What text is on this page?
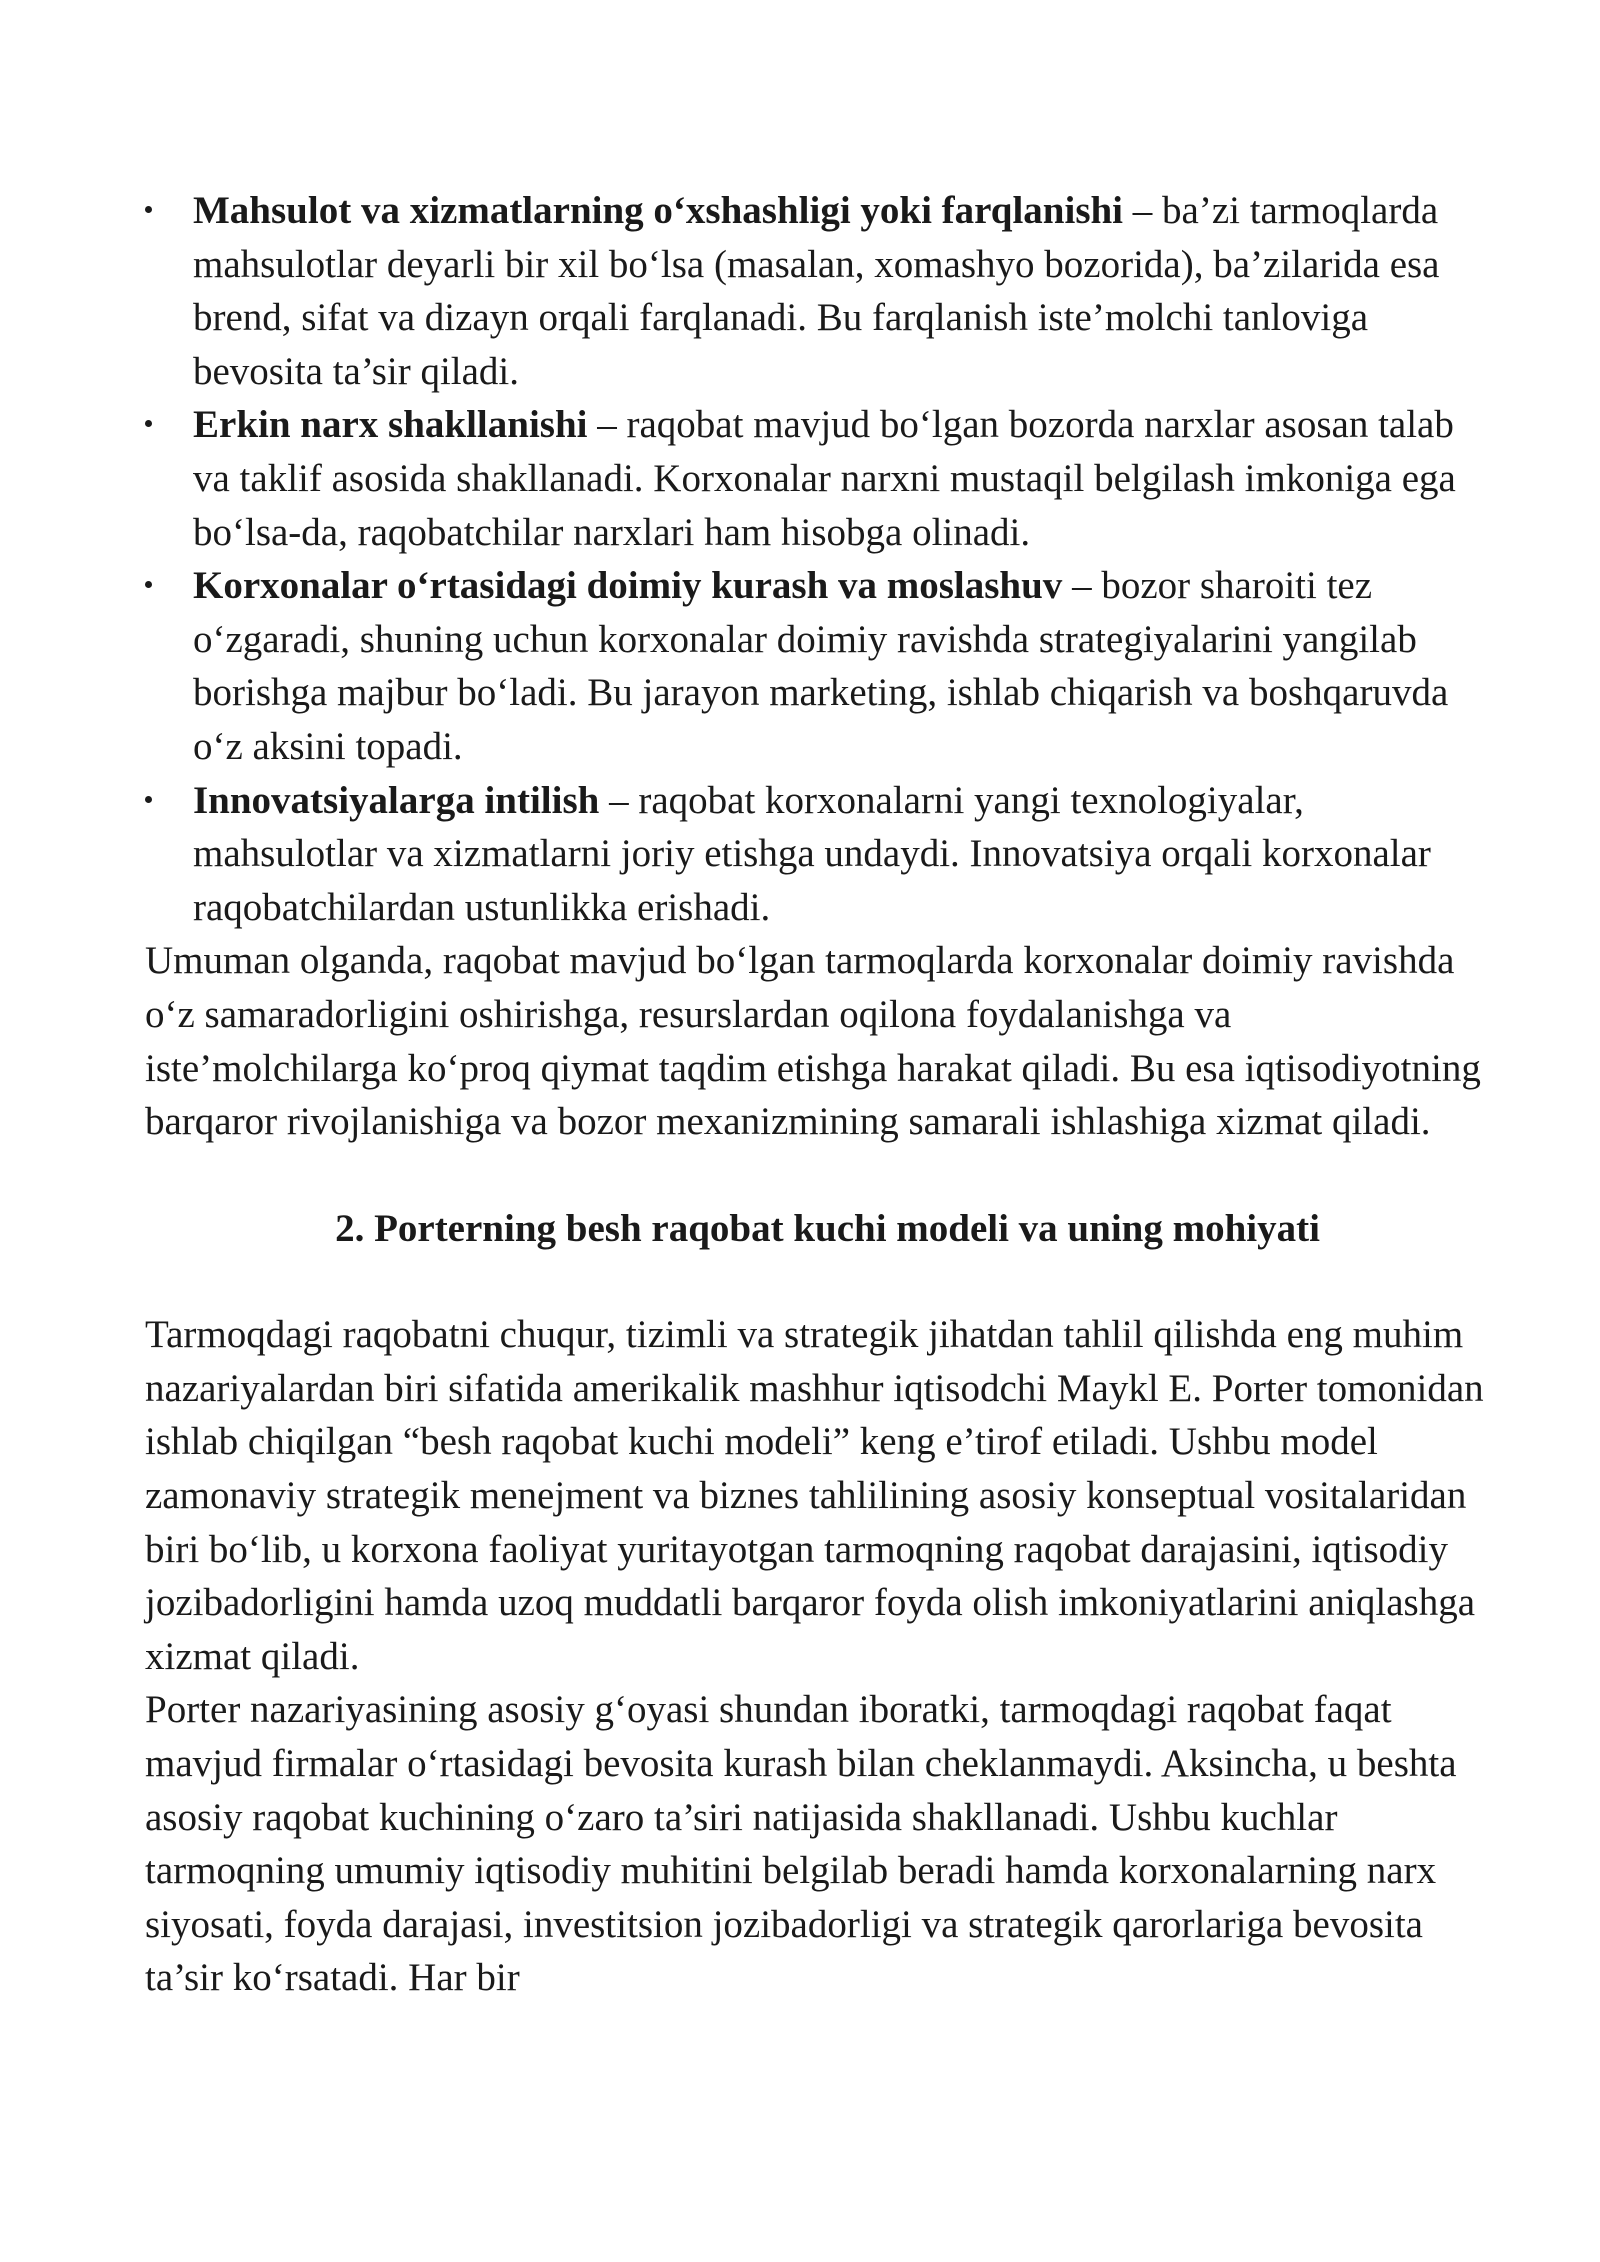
Mahsulot va xizmatlarning o‘xshashligi yoki farqlanishi – ba’zi tarmoqlarda mahsulotlar deyarli bir xil bo‘lsa (masalan, xomashyo bozorida), ba’zilarida esa brend, sifat va dizayn orqali farqlanadi. Bu farqlanish iste’molchi tanloviga bevosita ta’sir qiladi.
Erkin narx shakllanishi – raqobat mavjud bo‘lgan bozorda narxlar asosan talab va taklif asosida shakllanadi. Korxonalar narxni mustaqil belgilash imkoniga ega bo‘lsa-da, raqobatchilar narxlari ham hisobga olinadi.
Korxonalar o‘rtasidagi doimiy kurash va moslashuv – bozor sharoiti tez o‘zgaradi, shuning uchun korxonalar doimiy ravishda strategiyalarini yangilab borishga majbur bo‘ladi. Bu jarayon marketing, ishlab chiqarish va boshqaruvda o‘z aksini topadi.
Innovatsiyalarga intilish – raqobat korxonalarni yangi texnologiyalar, mahsulotlar va xizmatlarni joriy etishga undaydi. Innovatsiya orqali korxonalar raqobatchilardan ustunlikka erishadi.

Umuman olganda, raqobat mavjud bo‘lgan tarmoqlarda korxonalar doimiy ravishda o‘z samaradorligini oshirishga, resurslardan oqilona foydalanishga va iste’molchilarga ko‘proq qiymat taqdim etishga harakat qiladi. Bu esa iqtisodiyotning barqaror rivojlanishiga va bozor mexanizmining samarali ishlashiga xizmat qiladi.

2. Porterning besh raqobat kuchi modeli va uning mohiyati

Tarmoqdagi raqobatni chuqur, tizimli va strategik jihatdan tahlil qilishda eng muhim nazariyalardan biri sifatida amerikalik mashhur iqtisodchi Maykl E. Porter tomonidan ishlab chiqilgan “besh raqobat kuchi modeli” keng e’tirof etiladi. Ushbu model zamonaviy strategik menejment va biznes tahlilining asosiy konseptual vositalaridan biri bo‘lib, u korxona faoliyat yuritayotgan tarmoqning raqobat darajasini, iqtisodiy jozibadorligini hamda uzoq muddatli barqaror foyda olish imkoniyatlarini aniqlashga xizmat qiladi.

Porter nazariyasining asosiy g‘oyasi shundan iboratki, tarmoqdagi raqobat faqat mavjud firmalar o‘rtasidagi bevosita kurash bilan cheklanmaydi. Aksincha, u beshta asosiy raqobat kuchining o‘zaro ta’siri natijasida shakllanadi. Ushbu kuchlar tarmoqning umumiy iqtisodiy muhitini belgilab beradi hamda korxonalarning narx siyosati, foyda darajasi, investitsion jozibadorligi va strategik qarorlariga bevosita ta’sir ko‘rsatadi. Har bir
